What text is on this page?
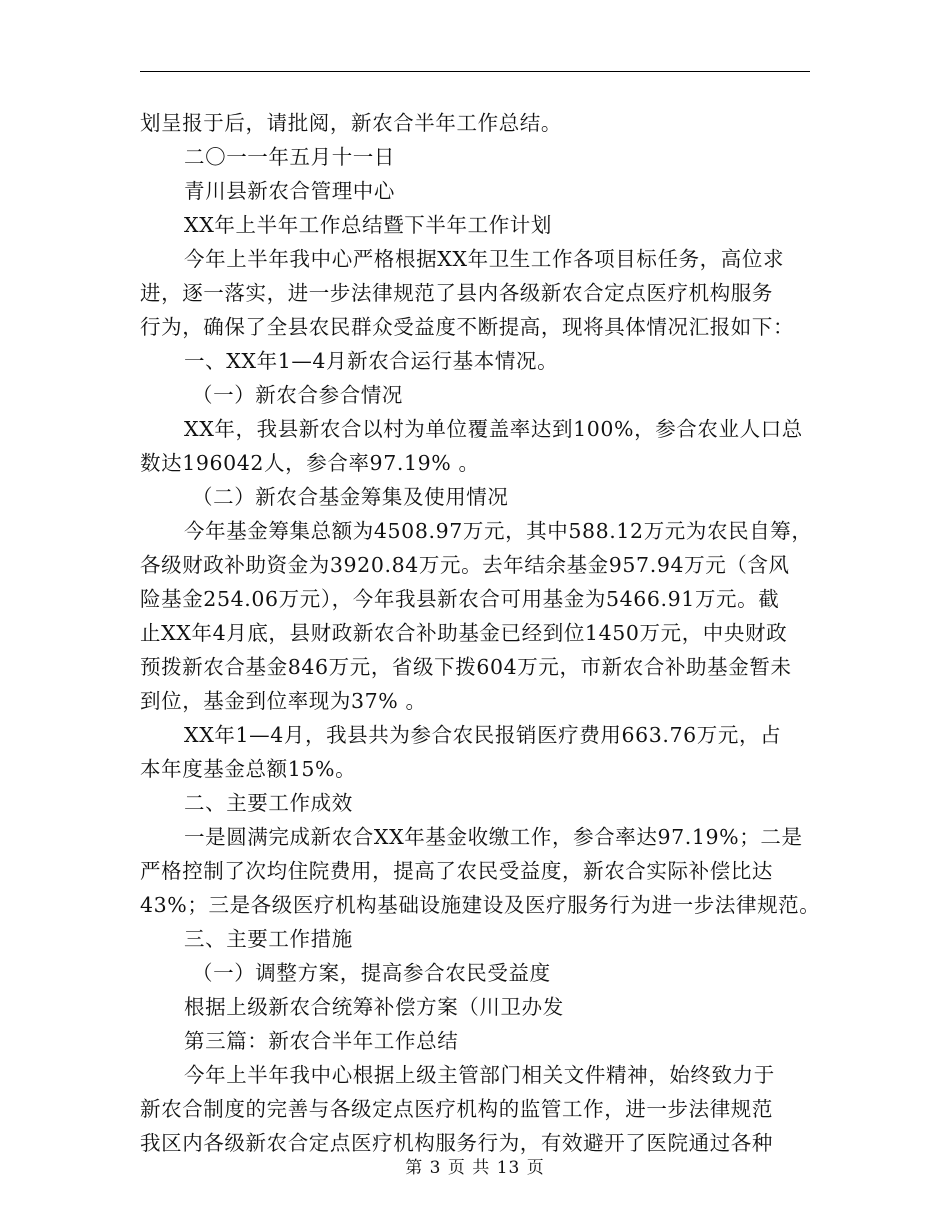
划呈报于后，请批阅，新农合半年工作总结。
二〇一一年五月十一日
青川县新农合管理中心
XX年上半年工作总结暨下半年工作计划
今年上半年我中心严格根据XX年卫生工作各项目标任务，高位求
进，逐一落实，进一步法律规范了县内各级新农合定点医疗机构服务
行为，确保了全县农民群众受益度不断提高，现将具体情况汇报如下：
一、XX年1—4月新农合运行基本情况。
（一）新农合参合情况
XX年，我县新农合以村为单位覆盖率达到100%，参合农业人口总
数达196042人，参合率97.19% 。
（二）新农合基金筹集及使用情况
今年基金筹集总额为4508.97万元，其中588.12万元为农民自筹，
各级财政补助资金为3920.84万元。去年结余基金957.94万元（含风
险基金254.06万元），今年我县新农合可用基金为5466.91万元。截
止XX年4月底，县财政新农合补助基金已经到位1450万元，中央财政
预拨新农合基金846万元，省级下拨604万元，市新农合补助基金暂未
到位，基金到位率现为37% 。
XX年1—4月，我县共为参合农民报销医疗费用663.76万元，占
本年度基金总额15%。
二、主要工作成效
一是圆满完成新农合XX年基金收缴工作，参合率达97.19%；二是
严格控制了次均住院费用，提高了农民受益度，新农合实际补偿比达
43%；三是各级医疗机构基础设施建设及医疗服务行为进一步法律规范。
三、主要工作措施
（一）调整方案，提高参合农民受益度
根据上级新农合统筹补偿方案（川卫办发
第三篇：新农合半年工作总结
今年上半年我中心根据上级主管部门相关文件精神，始终致力于
新农合制度的完善与各级定点医疗机构的监管工作，进一步法律规范
我区内各级新农合定点医疗机构服务行为，有效避开了医院通过各种
第 3 页 共 13 页
